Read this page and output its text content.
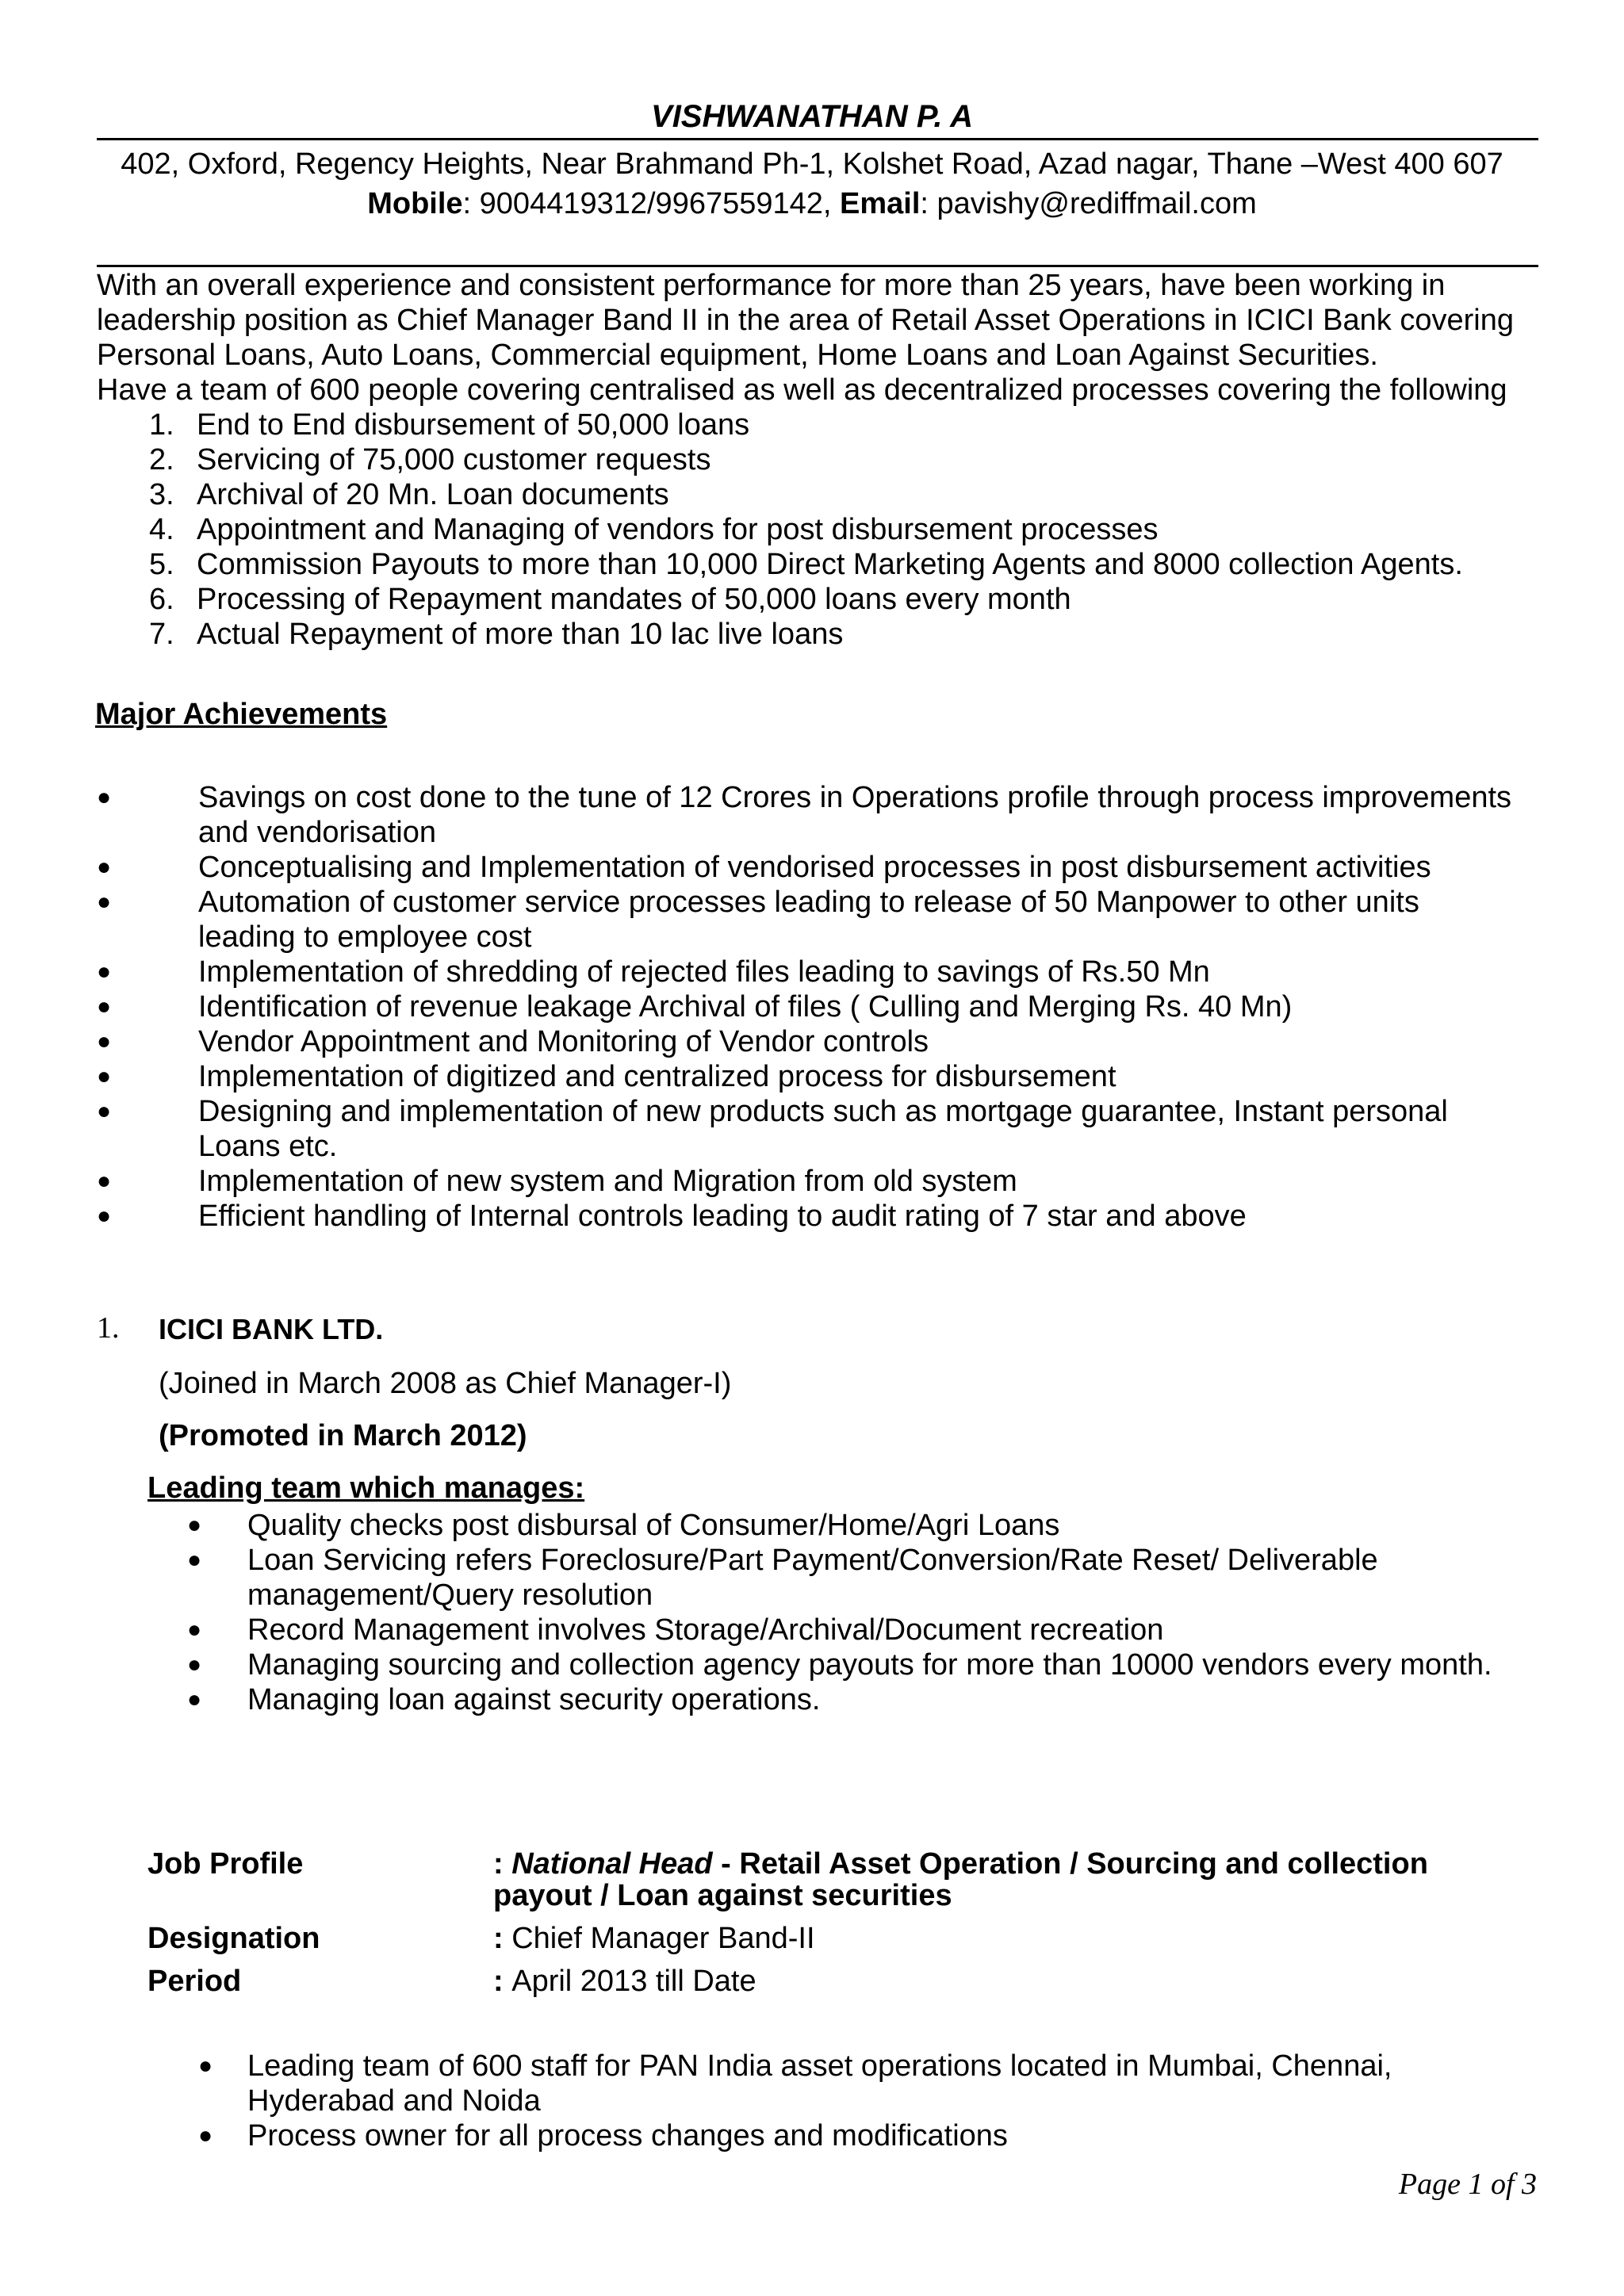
VISHWANATHAN P. A
402, Oxford, Regency Heights, Near Brahmand Ph-1, Kolshet Road, Azad nagar, Thane –West 400 607
Mobile: 9004419312/9967559142, Email: pavishy@rediffmail.com
With an overall experience and consistent performance for more than 25 years, have been working in
leadership position as Chief Manager Band II in the area of Retail Asset Operations in ICICI Bank covering
Personal Loans, Auto Loans, Commercial equipment, Home Loans and Loan Against Securities.
Have a team of 600 people covering centralised as well as decentralized processes covering the following
1. End to End disbursement of 50,000 loans
2. Servicing of 75,000 customer requests
3. Archival of 20 Mn. Loan documents
4. Appointment and Managing of vendors for post disbursement processes
5. Commission Payouts to more than 10,000 Direct Marketing Agents and 8000 collection Agents.
6. Processing of Repayment mandates of 50,000 loans every month
7. Actual Repayment of more than 10 lac live loans
Major Achievements
●	Savings on cost done to the tune of 12 Crores in Operations profile through process improvements
and vendorisation
●	Conceptualising and Implementation of vendorised processes in post disbursement activities
●	Automation of customer service processes leading to release of 50 Manpower to other units
leading to employee cost
●	Implementation of shredding of rejected files leading to savings of Rs.50 Mn
●	Identification of revenue leakage Archival of files ( Culling and Merging Rs. 40 Mn)
●	Vendor Appointment and Monitoring of Vendor controls
●	Implementation of digitized and centralized process for disbursement
●	Designing and implementation of new products such as mortgage guarantee, Instant personal
Loans etc.
●	Implementation of new system and Migration from old system
●	Efficient handling of Internal controls leading to audit rating of 7 star and above
1. ICICI BANK LTD.
(Joined in March 2008 as Chief Manager-I)
(Promoted in March 2012)
Leading team which manages:
● Quality checks post disbursal of Consumer/Home/Agri Loans
● Loan Servicing refers Foreclosure/Part Payment/Conversion/Rate Reset/ Deliverable
management/Query resolution
● Record Management involves Storage/Archival/Document recreation
● Managing sourcing and collection agency payouts for more than 10000 vendors every month.
● Managing loan against security operations.
Job Profile	: National Head - Retail Asset Operation / Sourcing and collection
payout / Loan against securities
Designation	: Chief Manager Band-II
Period	: April 2013 till Date
● Leading team of 600 staff for PAN India asset operations located in Mumbai, Chennai,
Hyderabad and Noida
● Process owner for all process changes and modifications
Page 1 of 3
